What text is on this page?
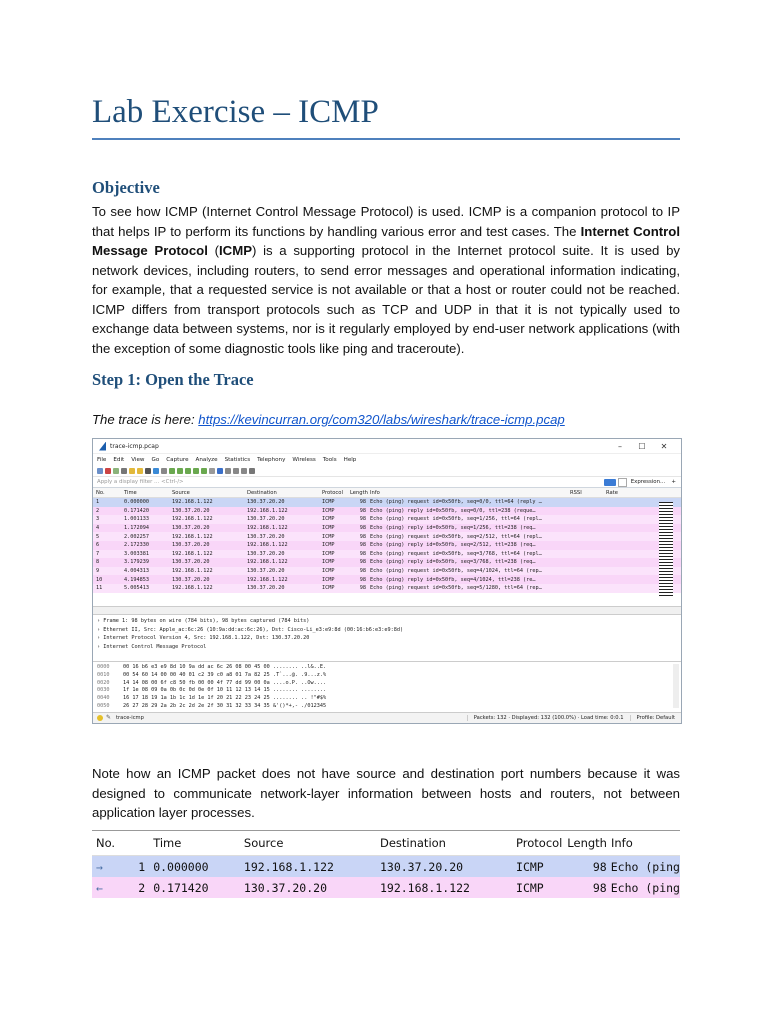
Lab Exercise – ICMP
Objective

To see how ICMP (Internet Control Message Protocol) is used. ICMP is a companion protocol to IP that helps IP to perform its functions by handling various error and test cases. The Internet Control Message Protocol (ICMP) is a supporting protocol in the Internet protocol suite. It is used by network devices, including routers, to send error messages and operational information indicating, for example, that a requested service is not available or that a host or router could not be reached. ICMP differs from transport protocols such as TCP and UDP in that it is not typically used to exchange data between systems, nor is it regularly employed by end-user network applications (with the exception of some diagnostic tools like ping and traceroute).

Step 1: Open the Trace

The trace is here: https://kevincurran.org/com320/labs/wireshark/trace-icmp.pcap

trace-icmp.pcap	–	☐	✕
File Edit View Go Capture Analyze Statistics Telephony Wireless Tools Help
Apply a display filter … <Ctrl-/>	Expression…	+
No.	Time	Source	Destination	Protocol	Length Info	RSSI	Rate
1	0.000000	192.168.1.122	130.37.20.20	ICMP	98 Echo (ping) request id=0x50fb, seq=0/0, ttl=64 (reply …
2	0.171420	130.37.20.20	192.168.1.122	ICMP	98 Echo (ping) reply id=0x50fb, seq=0/0, ttl=238 (reque…
3	1.001133	192.168.1.122	130.37.20.20	ICMP	98 Echo (ping) request id=0x50fb, seq=1/256, ttl=64 (repl…
4	1.172094	130.37.20.20	192.168.1.122	ICMP	98 Echo (ping) reply id=0x50fb, seq=1/256, ttl=238 (req…
5	2.002257	192.168.1.122	130.37.20.20	ICMP	98 Echo (ping) request id=0x50fb, seq=2/512, ttl=64 (repl…
6	2.172330	130.37.20.20	192.168.1.122	ICMP	98 Echo (ping) reply id=0x50fb, seq=2/512, ttl=238 (req…
7	3.003381	192.168.1.122	130.37.20.20	ICMP	98 Echo (ping) request id=0x50fb, seq=3/768, ttl=64 (repl…
8	3.179239	130.37.20.20	192.168.1.122	ICMP	98 Echo (ping) reply id=0x50fb, seq=3/768, ttl=238 (req…
9	4.004313	192.168.1.122	130.37.20.20	ICMP	98 Echo (ping) request id=0x50fb, seq=4/1024, ttl=64 (rep…
10	4.194853	130.37.20.20	192.168.1.122	ICMP	98 Echo (ping) reply id=0x50fb, seq=4/1024, ttl=238 (re…
11	5.005413	192.168.1.122	130.37.20.20	ICMP	98 Echo (ping) request id=0x50fb, seq=5/1280, ttl=64 (rep…
› Frame 1: 98 bytes on wire (784 bits), 98 bytes captured (784 bits)
› Ethernet II, Src: Apple_ac:6c:26 (10:9a:dd:ac:6c:26), Dst: Cisco-Li_e3:e9:8d (00:16:b6:e3:e9:8d)
› Internet Protocol Version 4, Src: 192.168.1.122, Dst: 130.37.20.20
› Internet Control Message Protocol
0000	00 16 b6 e3 e9 8d 10 9a dd ac 6c 26 08 00 45 00 ........ ..l&..E.
0010	00 54 60 14 00 00 40 01 c2 39 c0 a8 01 7a 82 25 .T`...@. .9...z.%
0020	14 14 08 00 6f c8 50 fb 00 00 4f 77 dd 99 00 0a ....o.P. ..Ow....
0030	1f 1e 08 09 0a 0b 0c 0d 0e 0f 10 11 12 13 14 15 ........ ........
0040	16 17 18 19 1a 1b 1c 1d 1e 1f 20 21 22 23 24 25 ........ .. !"#$%
0050	26 27 28 29 2a 2b 2c 2d 2e 2f 30 31 32 33 34 35 &'()*+,- ./012345
✎ trace-icmp	Packets: 132 · Displayed: 132 (100.0%) · Load time: 0:0.1	Profile: Default

Note how an ICMP packet does not have source and destination port numbers because it was designed to communicate network-layer information between hosts and routers, not between application layer processes.

No.	Time	Source	Destination	Protocol Length Info
→	1 0.000000	192.168.1.122	130.37.20.20	ICMP	98 Echo (ping
←	2 0.171420	130.37.20.20	192.168.1.122	ICMP	98 Echo (ping
